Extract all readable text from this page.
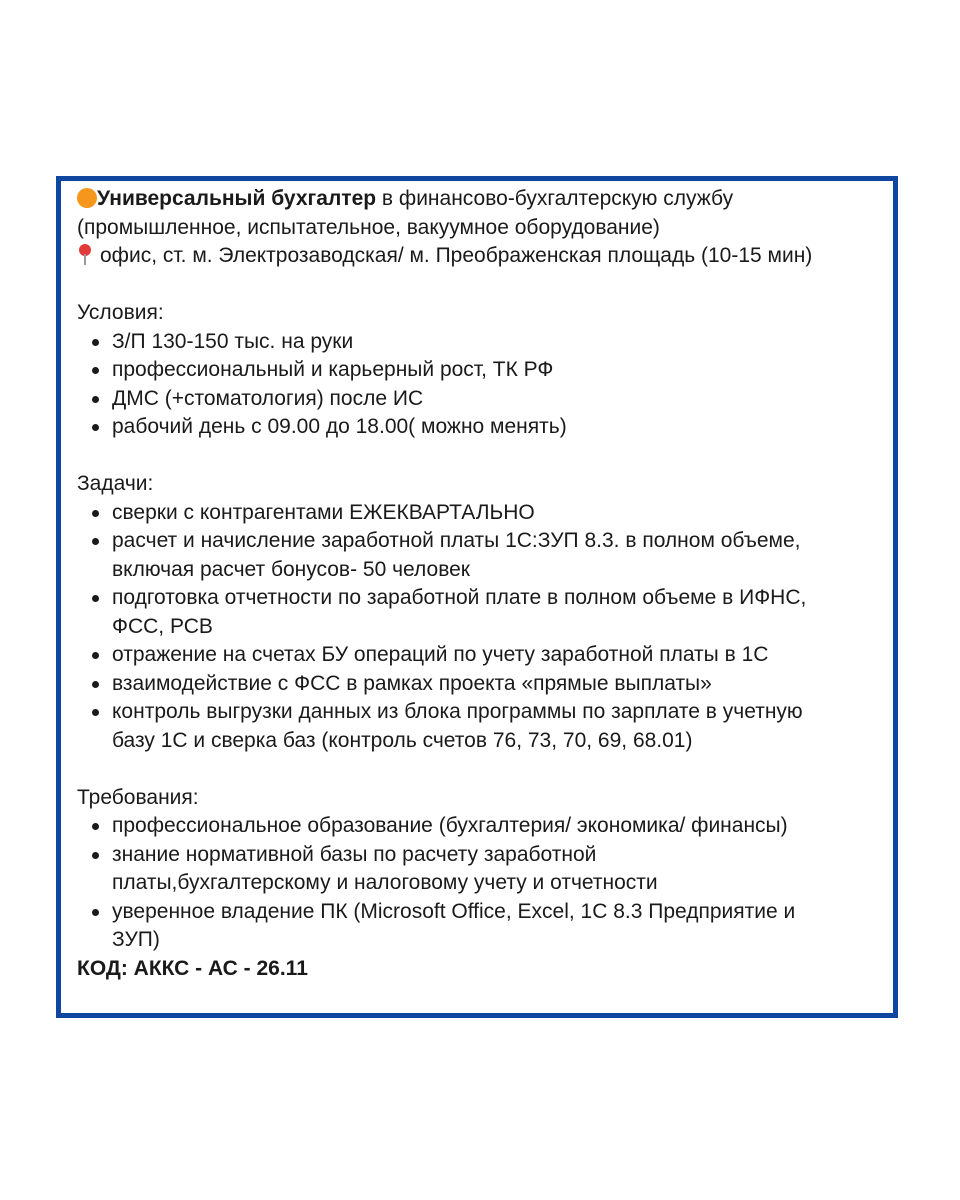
Универсальный бухгалтер в финансово-бухгалтерскую службу
(промышленное, испытательное, вакуумное оборудование)
офис, ст. м. Электрозаводская/ м. Преображенская площадь (10-15 мин)
Условия:
З/П 130-150 тыс. на руки
профессиональный и карьерный рост, ТК РФ
ДМС (+стоматология) после ИС
рабочий день с 09.00 до 18.00( можно менять)
Задачи:
сверки с контрагентами ЕЖЕКВАРТАЛЬНО
расчет и начисление заработной платы 1С:ЗУП 8.3. в полном объеме,
включая расчет бонусов- 50 человек
подготовка отчетности по заработной плате в полном объеме в ИФНС,
ФСС, РСВ
отражение на счетах БУ операций по учету заработной платы в 1С
взаимодействие с ФСС в рамках проекта «прямые выплаты»
контроль выгрузки данных из блока программы по зарплате в учетную
базу 1С и сверка баз (контроль счетов 76, 73, 70, 69, 68.01)
Требования:
профессиональное образование (бухгалтерия/ экономика/ финансы)
знание нормативной базы по расчету заработной
платы,бухгалтерскому и налоговому учету и отчетности
уверенное владение ПК (Microsoft Office, Excel, 1С 8.3 Предприятие и
ЗУП)
КОД: АККС - АС - 26.11
